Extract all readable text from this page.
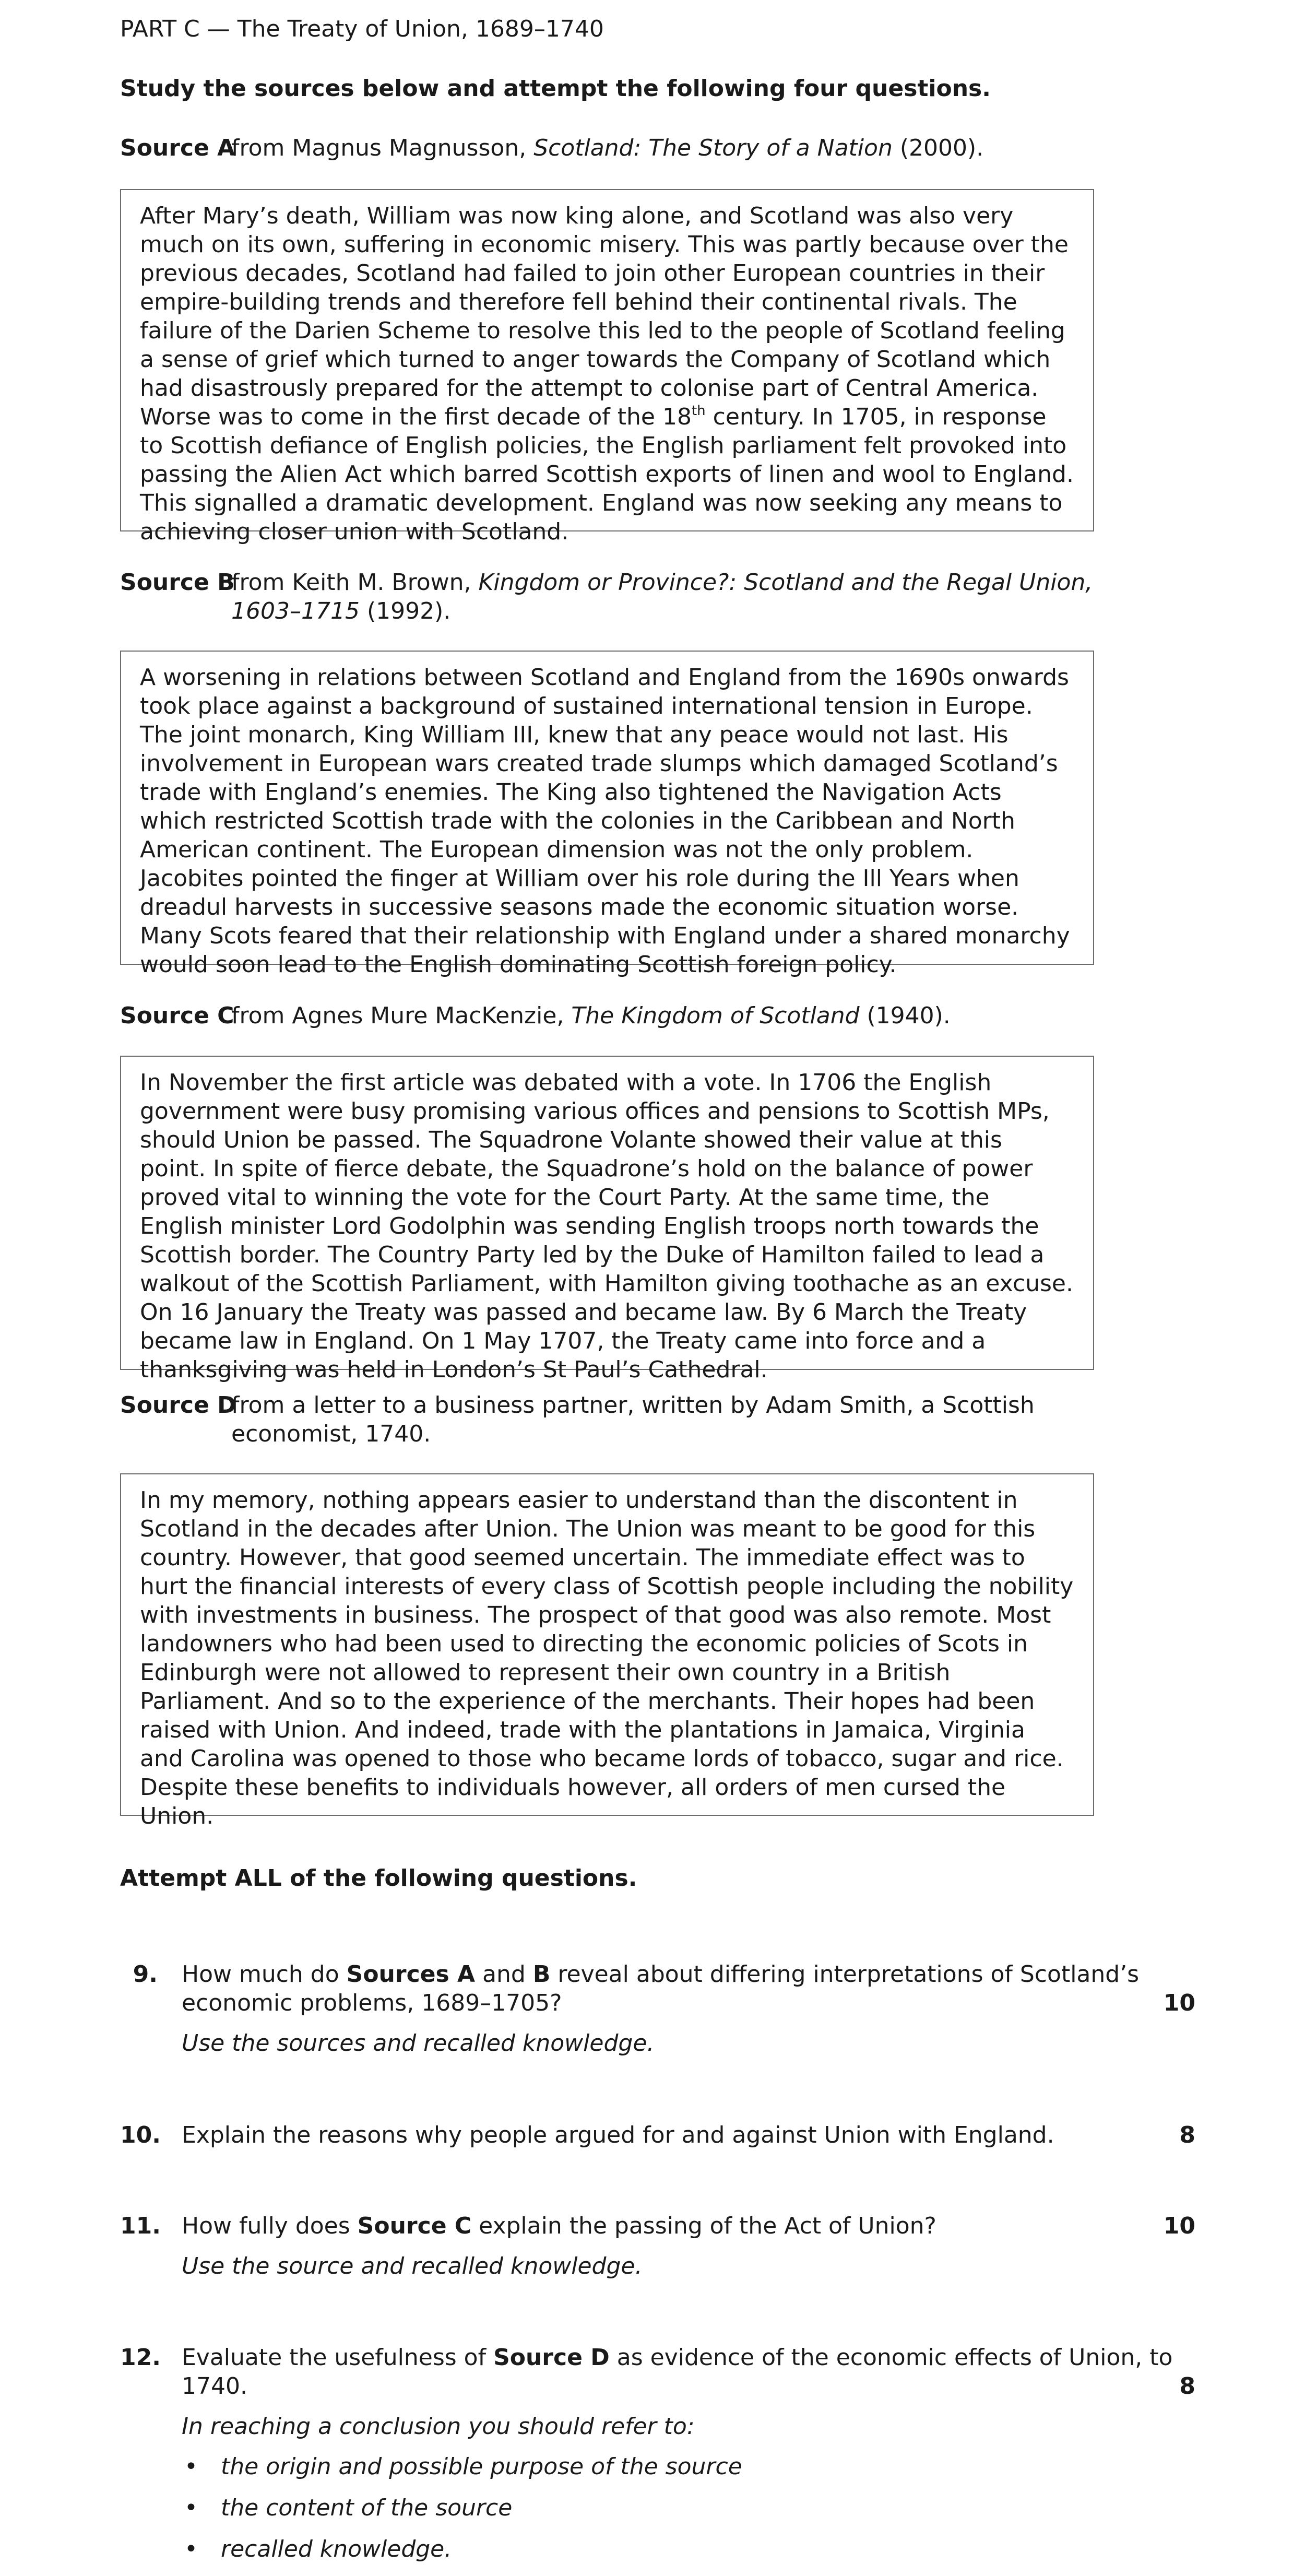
PART C — The Treaty of Union, 1689–1740
Study the sources below and attempt the following four questions.
Source A
from Magnus Magnusson, Scotland: The Story of a Nation (2000).

After Mary’s death, William was now king alone, and Scotland was also very much on its own, suffering in economic misery. This was partly because over the previous decades, Scotland had failed to join other European countries in their empire-building trends and therefore fell behind their continental rivals. The failure of the Darien Scheme to resolve this led to the people of Scotland feeling a sense of grief which turned to anger towards the Company of Scotland which had disastrously prepared for the attempt to colonise part of Central America. Worse was to come in the first decade of the 18th century. In 1705, in response to Scottish defiance of English policies, the English parliament felt provoked into passing the Alien Act which barred Scottish exports of linen and wool to England. This signalled a dramatic development. England was now seeking any means to achieving closer union with Scotland.

Source B
from Keith M. Brown, Kingdom or Province?: Scotland and the Regal Union, 1603–1715 (1992).

A worsening in relations between Scotland and England from the 1690s onwards took place against a background of sustained international tension in Europe. The joint monarch, King William III, knew that any peace would not last. His involvement in European wars created trade slumps which damaged Scotland’s trade with England’s enemies. The King also tightened the Navigation Acts which restricted Scottish trade with the colonies in the Caribbean and North American continent. The European dimension was not the only problem. Jacobites pointed the finger at William over his role during the Ill Years when dreadul harvests in successive seasons made the economic situation worse. Many Scots feared that their relationship with England under a shared monarchy would soon lead to the English dominating Scottish foreign policy.

Source C
from Agnes Mure MacKenzie, The Kingdom of Scotland (1940).

In November the first article was debated with a vote. In 1706 the English government were busy promising various offices and pensions to Scottish MPs, should Union be passed. The Squadrone Volante showed their value at this point. In spite of fierce debate, the Squadrone’s hold on the balance of power proved vital to winning the vote for the Court Party. At the same time, the English minister Lord Godolphin was sending English troops north towards the Scottish border. The Country Party led by the Duke of Hamilton failed to lead a walkout of the Scottish Parliament, with Hamilton giving toothache as an excuse. On 16 January the Treaty was passed and became law. By 6 March the Treaty became law in England. On 1 May 1707, the Treaty came into force and a thanksgiving was held in London’s St Paul’s Cathedral.

Source D
from a letter to a business partner, written by Adam Smith, a Scottish economist, 1740.

In my memory, nothing appears easier to understand than the discontent in Scotland in the decades after Union. The Union was meant to be good for this country. However, that good seemed uncertain. The immediate effect was to hurt the financial interests of every class of Scottish people including the nobility with investments in business. The prospect of that good was also remote. Most landowners who had been used to directing the economic policies of Scots in Edinburgh were not allowed to represent their own country in a British Parliament. And so to the experience of the merchants. Their hopes had been raised with Union. And indeed, trade with the plantations in Jamaica, Virginia and Carolina was opened to those who became lords of tobacco, sugar and rice. Despite these benefits to individuals however, all orders of men cursed the Union.

Attempt ALL of the following questions.
9. How much do Sources A and B reveal about differing interpretations of Scotland’s economic problems, 1689–1705?

Use the sources and recalled knowledge.

10
10. Explain the reasons why people argued for and against Union with England.	8
11. How fully does Source C explain the passing of the Act of Union?

Use the source and recalled knowledge.

10
12. Evaluate the usefulness of Source D as evidence of the economic effects of Union, to 1740.

In reaching a conclusion you should refer to:

• the origin and possible purpose of the source
• the content of the source
• recalled knowledge.
8
